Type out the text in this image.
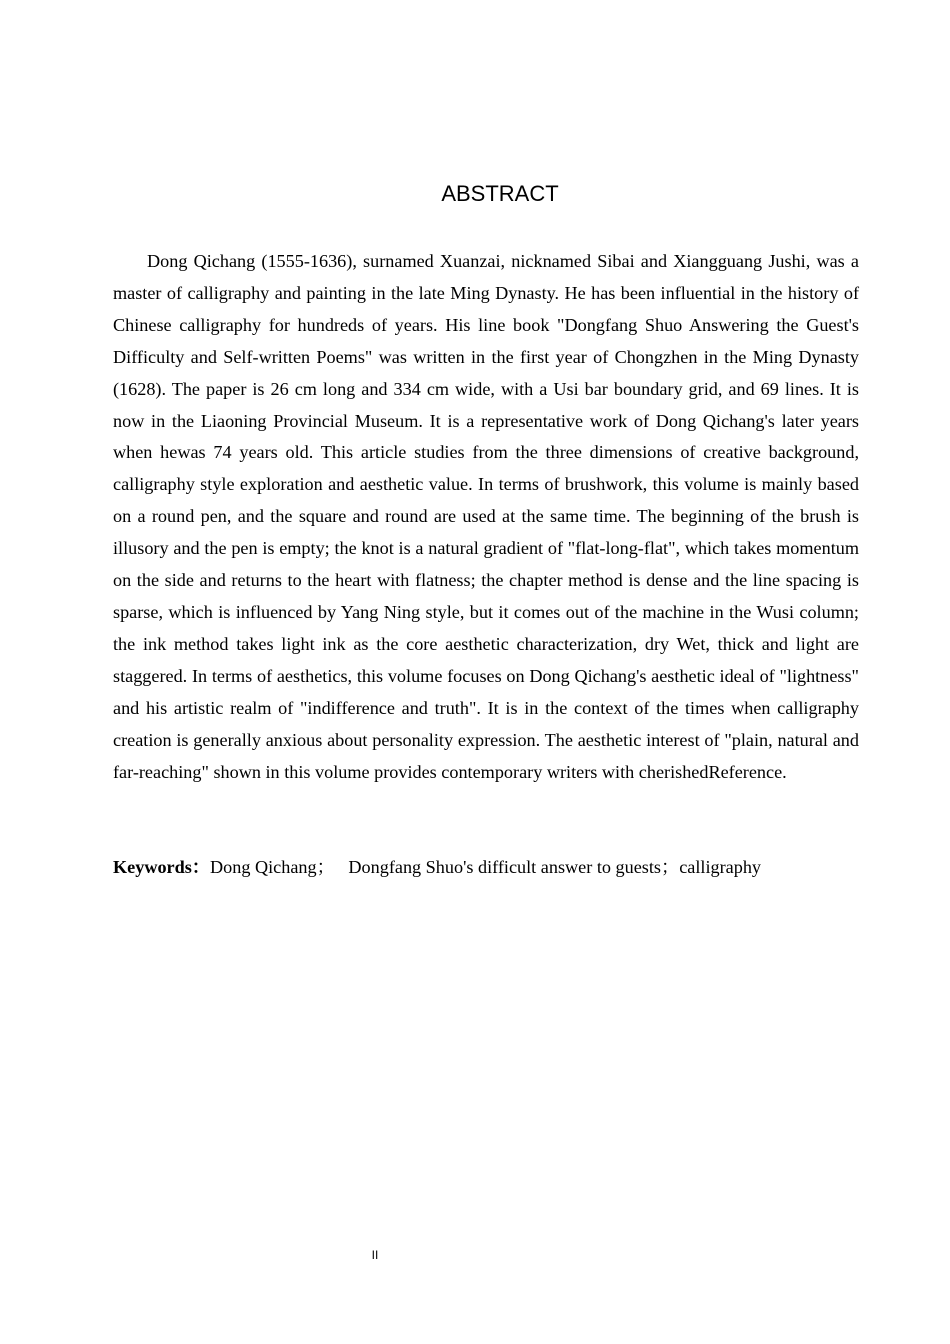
ABSTRACT

Dong Qichang (1555-1636), surnamed Xuanzai, nicknamed Sibai and Xiangguang Jushi, was a master of calligraphy and painting in the late Ming Dynasty. He has been influential in the history of Chinese calligraphy for hundreds of years. His line book "Dongfang Shuo Answering the Guest's Difficulty and Self-written Poems" was written in the first year of Chongzhen in the Ming Dynasty (1628). The paper is 26 cm long and 334 cm wide, with a Usi bar boundary grid, and 69 lines. It is now in the Liaoning Provincial Museum. It is a representative work of Dong Qichang's later years when hewas 74 years old. This article studies from the three dimensions of creative background, calligraphy style exploration and aesthetic value. In terms of brushwork, this volume is mainly based on a round pen, and the square and round are used at the same time. The beginning of the brush is illusory and the pen is empty; the knot is a natural gradient of "flat-long-flat", which takes momentum on the side and returns to the heart with flatness; the chapter method is dense and the line spacing is sparse, which is influenced by Yang Ning style, but it comes out of the machine in the Wusi column; the ink method takes light ink as the core aesthetic characterization, dry Wet, thick and light are staggered. In terms of aesthetics, this volume focuses on Dong Qichang's aesthetic ideal of "lightness" and his artistic realm of "indifference and truth". It is in the context of the times when calligraphy creation is generally anxious about personality expression. The aesthetic interest of "plain, natural and far-reaching" shown in this volume provides contemporary writers with cherishedReference.

Keywords：Dong Qichang； Dongfang Shuo's difficult answer to guests；calligraphy

II
